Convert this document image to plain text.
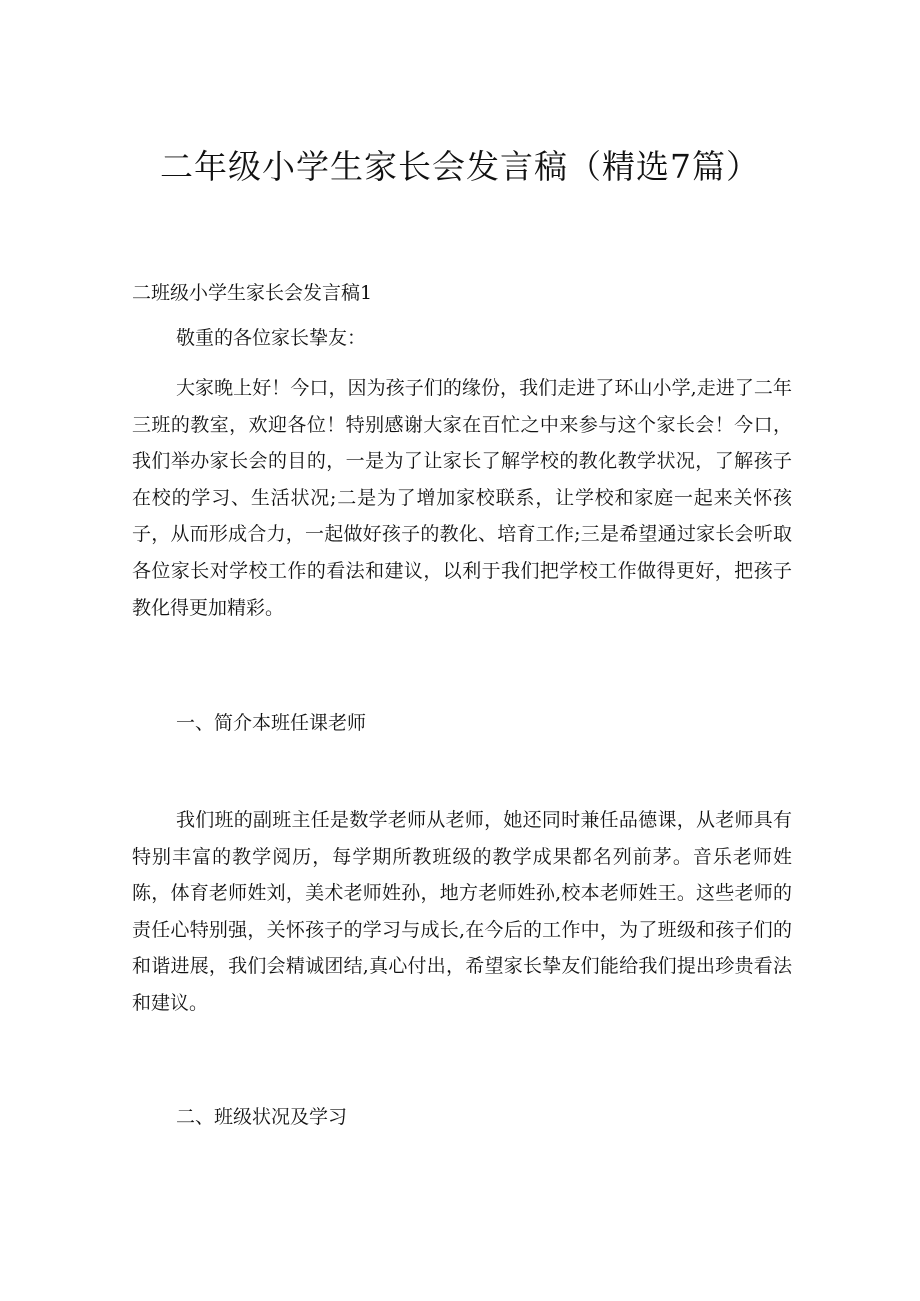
二年级小学生家长会发言稿（精选7篇）
二班级小学生家长会发言稿1

敬重的各位家长挚友：

大家晚上好！今口，因为孩子们的缘份，我们走进了环山小学,走进了二年三班的教室，欢迎各位！特别感谢大家在百忙之中来参与这个家长会！今口，我们举办家长会的目的，一是为了让家长了解学校的教化教学状况，了解孩子在校的学习、生活状况;二是为了增加家校联系，让学校和家庭一起来关怀孩子，从而形成合力，一起做好孩子的教化、培育工作;三是希望通过家长会听取各位家长对学校工作的看法和建议，以利于我们把学校工作做得更好，把孩子教化得更加精彩。

一、简介本班任课老师

我们班的副班主任是数学老师从老师，她还同时兼任品德课，从老师具有特别丰富的教学阅历，每学期所教班级的教学成果都名列前茅。音乐老师姓陈，体育老师姓刘，美术老师姓孙，地方老师姓孙,校本老师姓王。这些老师的责任心特别强，关怀孩子的学习与成长,在今后的工作中，为了班级和孩子们的和谐进展，我们会精诚团结,真心付出，希望家长挚友们能给我们提出珍贵看法和建议。

二、班级状况及学习
